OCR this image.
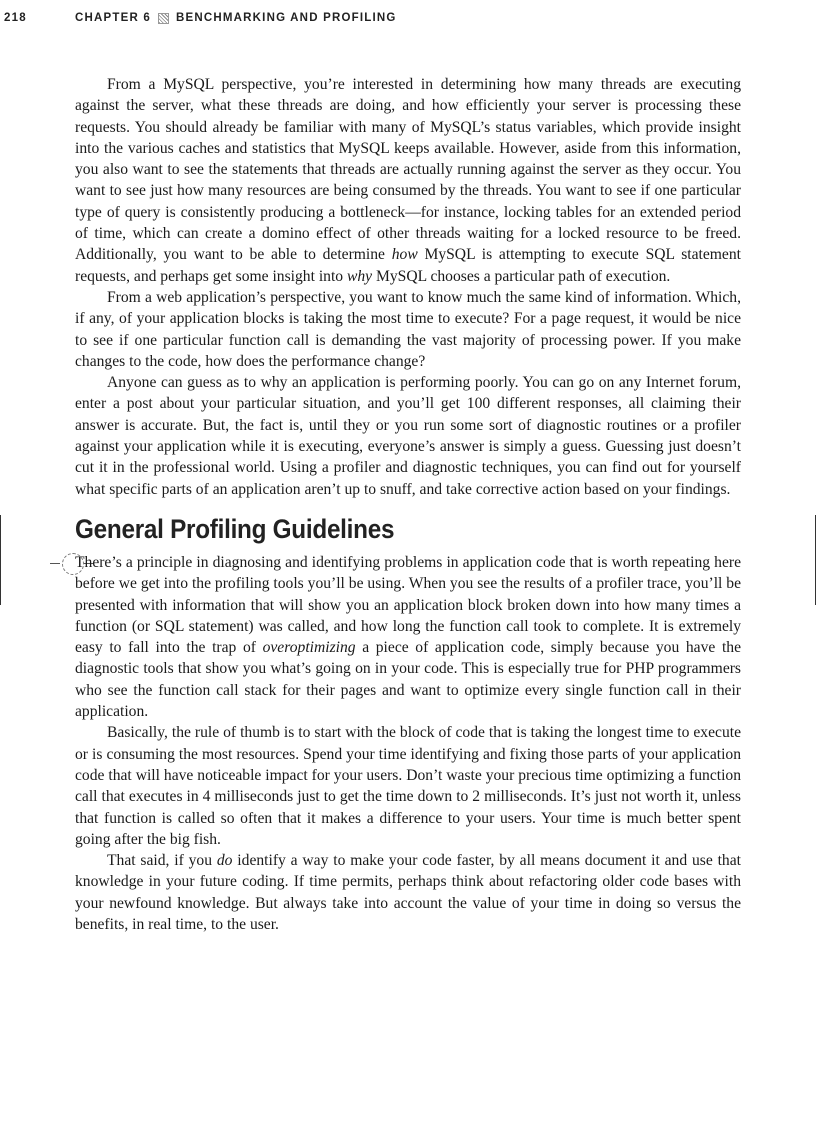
218	CHAPTER 6 BENCHMARKING AND PROFILING

From a MySQL perspective, you’re interested in determining how many threads are executing against the server, what these threads are doing, and how efficiently your server is processing these requests. You should already be familiar with many of MySQL’s status variables, which provide insight into the various caches and statistics that MySQL keeps available. However, aside from this information, you also want to see the statements that threads are actually running against the server as they occur. You want to see just how many resources are being consumed by the threads. You want to see if one particular type of query is consistently producing a bottleneck—for instance, locking tables for an extended period of time, which can create a domino effect of other threads waiting for a locked resource to be freed. Additionally, you want to be able to determine how MySQL is attempting to execute SQL statement requests, and perhaps get some insight into why MySQL chooses a particular path of execution.

From a web application’s perspective, you want to know much the same kind of information. Which, if any, of your application blocks is taking the most time to execute? For a page request, it would be nice to see if one particular function call is demanding the vast majority of processing power. If you make changes to the code, how does the performance change?

Anyone can guess as to why an application is performing poorly. You can go on any Internet forum, enter a post about your particular situation, and you’ll get 100 different responses, all claiming their answer is accurate. But, the fact is, until they or you run some sort of diagnostic routines or a profiler against your application while it is executing, everyone’s answer is simply a guess. Guessing just doesn’t cut it in the professional world. Using a profiler and diagnostic techniques, you can find out for yourself what specific parts of an application aren’t up to snuff, and take corrective action based on your findings.

General Profiling Guidelines

There’s a principle in diagnosing and identifying problems in application code that is worth repeating here before we get into the profiling tools you’ll be using. When you see the results of a profiler trace, you’ll be presented with information that will show you an application block broken down into how many times a function (or SQL statement) was called, and how long the function call took to complete. It is extremely easy to fall into the trap of overoptimizing a piece of application code, simply because you have the diagnostic tools that show you what’s going on in your code. This is especially true for PHP programmers who see the function call stack for their pages and want to optimize every single function call in their application.

Basically, the rule of thumb is to start with the block of code that is taking the longest time to execute or is consuming the most resources. Spend your time identifying and fixing those parts of your application code that will have noticeable impact for your users. Don’t waste your precious time optimizing a function call that executes in 4 milliseconds just to get the time down to 2 milliseconds. It’s just not worth it, unless that function is called so often that it makes a difference to your users. Your time is much better spent going after the big fish.

That said, if you do identify a way to make your code faster, by all means document it and use that knowledge in your future coding. If time permits, perhaps think about refactoring older code bases with your newfound knowledge. But always take into account the value of your time in doing so versus the benefits, in real time, to the user.
